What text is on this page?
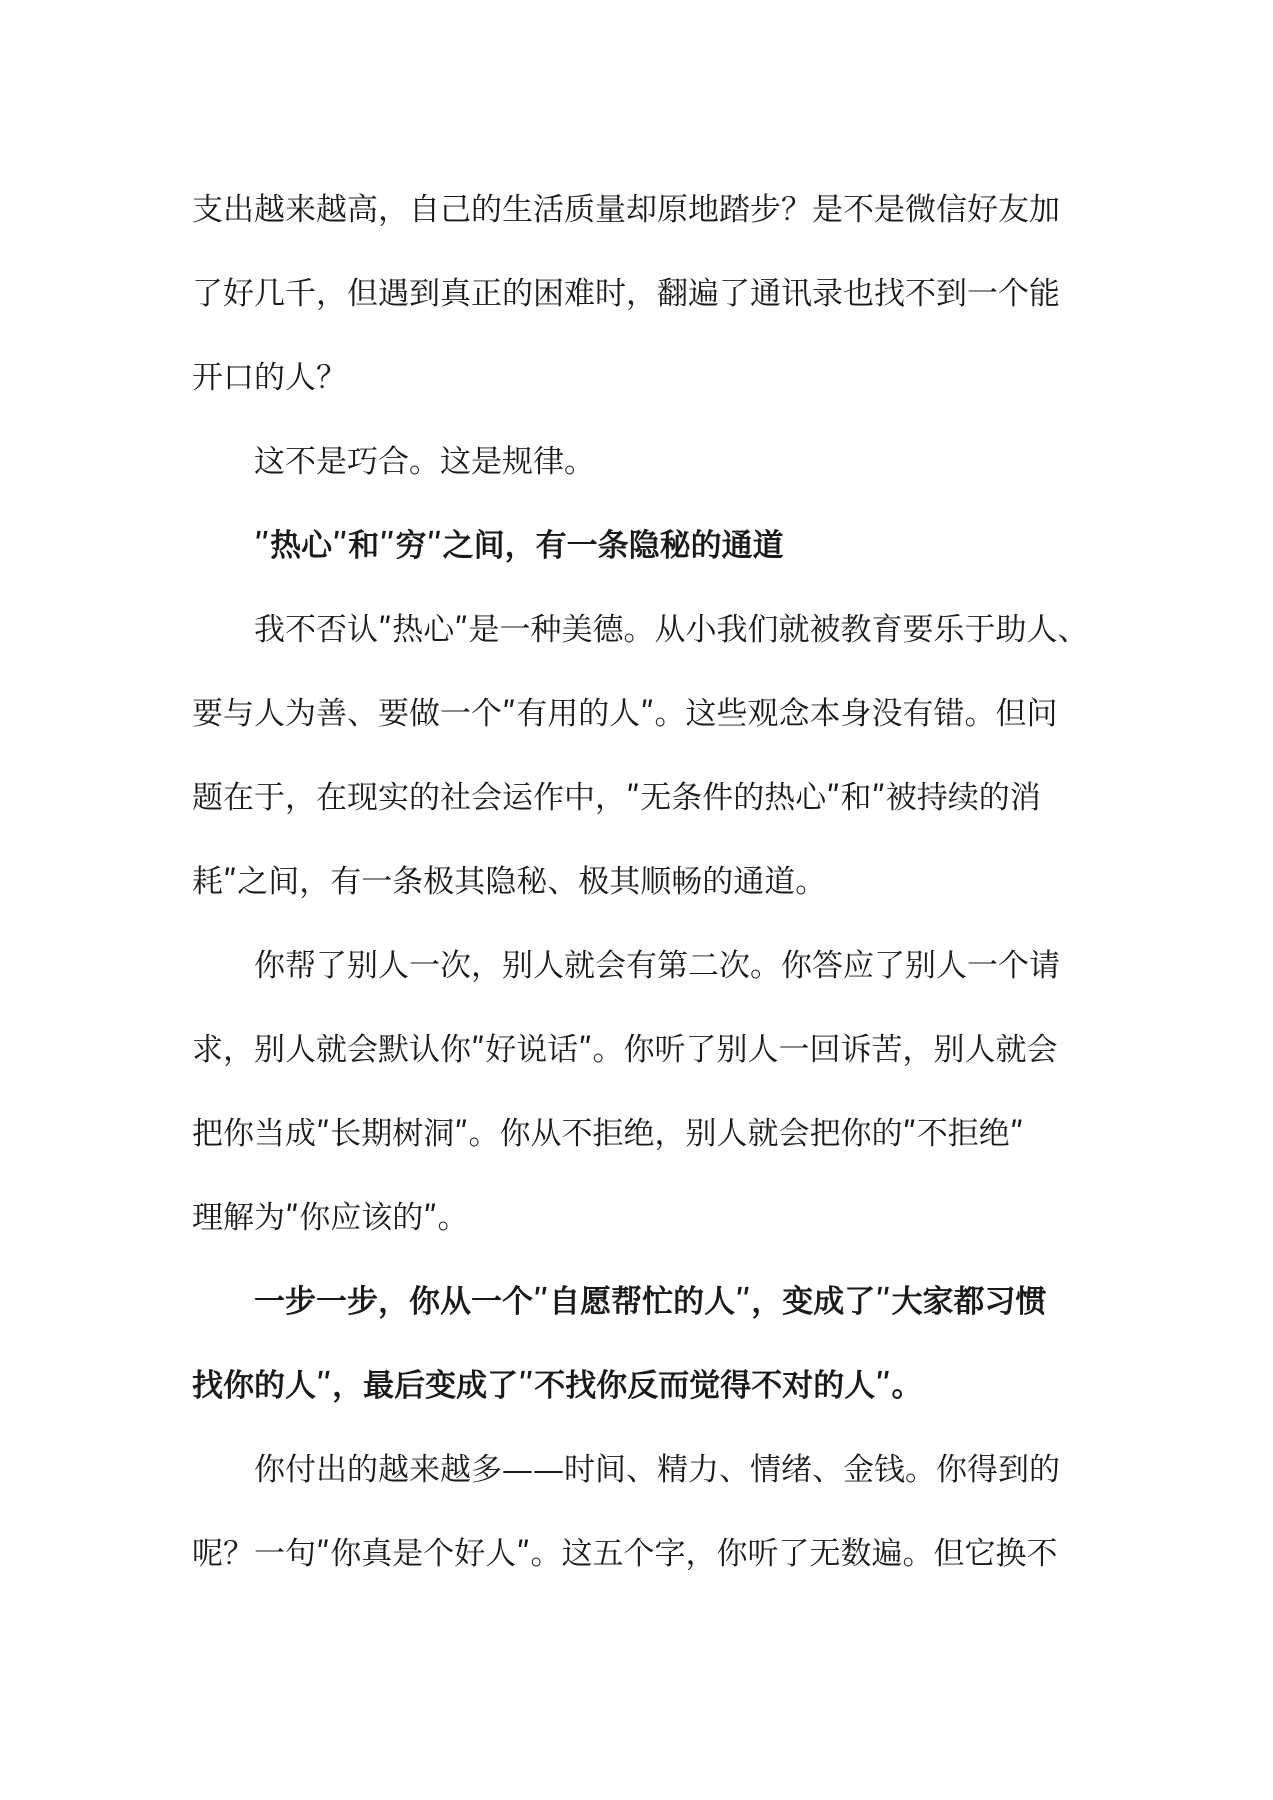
支出越来越高，自己的生活质量却原地踏步？是不是微信好友加
了好几千，但遇到真正的困难时，翻遍了通讯录也找不到一个能
开口的人？

这不是巧合。这是规律。

ʺ热心ʺ和ʺ穷ʺ之间，有一条隐秘的通道

我不否认ʺ热心ʺ是一种美德。从小我们就被教育要乐于助人、
要与人为善、要做一个ʺ有用的人ʺ。这些观念本身没有错。但问
题在于，在现实的社会运作中，ʺ无条件的热心ʺ和ʺ被持续的消
耗ʺ之间，有一条极其隐秘、极其顺畅的通道。

你帮了别人一次，别人就会有第二次。你答应了别人一个请
求，别人就会默认你ʺ好说话ʺ。你听了别人一回诉苦，别人就会
把你当成ʺ长期树洞ʺ。你从不拒绝，别人就会把你的ʺ不拒绝ʺ
理解为ʺ你应该的ʺ。

一步一步，你从一个ʺ自愿帮忙的人ʺ，变成了ʺ大家都习惯
找你的人ʺ，最后变成了ʺ不找你反而觉得不对的人ʺ。

你付出的越来越多——时间、精力、情绪、金钱。你得到的
呢？一句ʺ你真是个好人ʺ。这五个字，你听了无数遍。但它换不
